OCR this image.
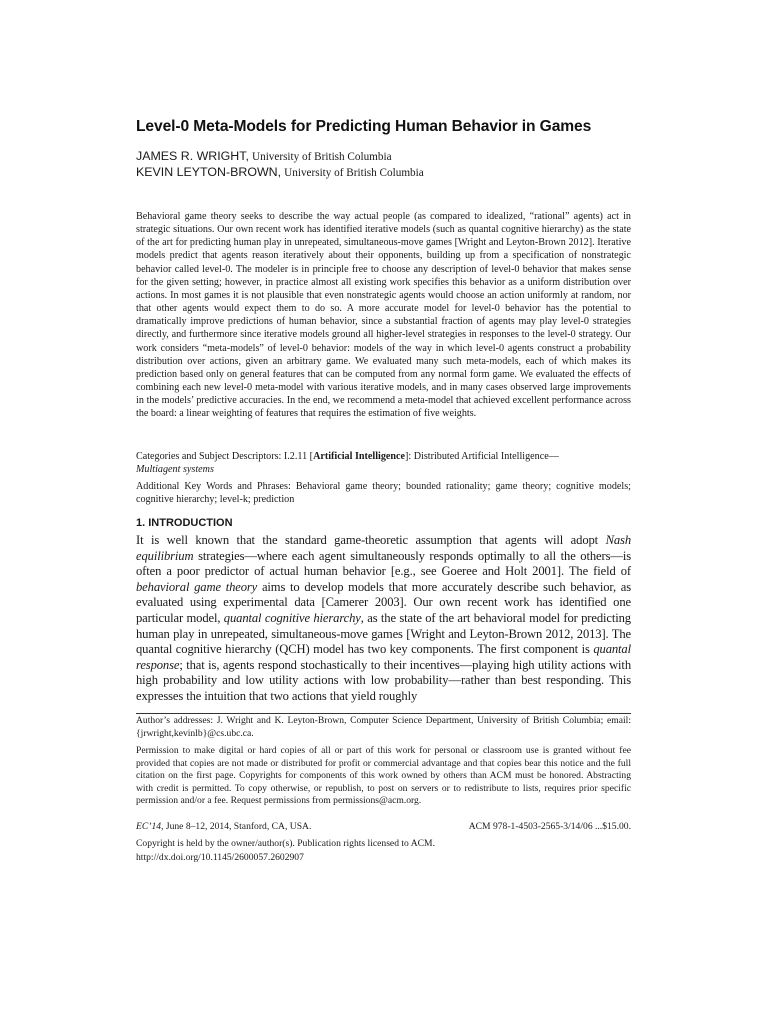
Level-0 Meta-Models for Predicting Human Behavior in Games
JAMES R. WRIGHT, University of British Columbia
KEVIN LEYTON-BROWN, University of British Columbia
Behavioral game theory seeks to describe the way actual people (as compared to idealized, “rational” agents) act in strategic situations. Our own recent work has identified iterative models (such as quantal cognitive hierarchy) as the state of the art for predicting human play in unrepeated, simultaneous-move games [Wright and Leyton-Brown 2012]. Iterative models predict that agents reason iteratively about their opponents, building up from a specification of nonstrategic behavior called level-0. The modeler is in principle free to choose any description of level-0 behavior that makes sense for the given setting; however, in practice almost all existing work specifies this behavior as a uniform distribution over actions. In most games it is not plausible that even nonstrategic agents would choose an action uniformly at random, nor that other agents would expect them to do so. A more accurate model for level-0 behavior has the potential to dramatically improve predictions of human behavior, since a substantial fraction of agents may play level-0 strategies directly, and furthermore since iterative models ground all higher-level strategies in responses to the level-0 strategy. Our work considers “meta-models” of level-0 behavior: models of the way in which level-0 agents construct a probability distribution over actions, given an arbitrary game. We evaluated many such meta-models, each of which makes its prediction based only on general features that can be computed from any normal form game. We evaluated the effects of combining each new level-0 meta-model with various iterative models, and in many cases observed large improvements in the models’ predictive accuracies. In the end, we recommend a meta-model that achieved excellent performance across the board: a linear weighting of features that requires the estimation of five weights.
Categories and Subject Descriptors: I.2.11 [Artificial Intelligence]: Distributed Artificial Intelligence—
Multiagent systems
Additional Key Words and Phrases: Behavioral game theory; bounded rationality; game theory; cognitive models; cognitive hierarchy; level-k; prediction
1. INTRODUCTION
It is well known that the standard game-theoretic assumption that agents will adopt Nash equilibrium strategies—where each agent simultaneously responds optimally to all the others—is often a poor predictor of actual human behavior [e.g., see Goeree and Holt 2001]. The field of behavioral game theory aims to develop models that more accurately describe such behavior, as evaluated using experimental data [Camerer 2003]. Our own recent work has identified one particular model, quantal cognitive hierarchy, as the state of the art behavioral model for predicting human play in unrepeated, simultaneous-move games [Wright and Leyton-Brown 2012, 2013]. The quantal cognitive hierarchy (QCH) model has two key components. The first component is quantal response; that is, agents respond stochastically to their incentives—playing high utility actions with high probability and low utility actions with low probability—rather than best responding. This expresses the intuition that two actions that yield roughly
Author’s addresses: J. Wright and K. Leyton-Brown, Computer Science Department, University of British Columbia; email: {jrwright,kevinlb}@cs.ubc.ca.
Permission to make digital or hard copies of all or part of this work for personal or classroom use is granted without fee provided that copies are not made or distributed for profit or commercial advantage and that copies bear this notice and the full citation on the first page. Copyrights for components of this work owned by others than ACM must be honored. Abstracting with credit is permitted. To copy otherwise, or republish, to post on servers or to redistribute to lists, requires prior specific permission and/or a fee. Request permissions from permissions@acm.org.
EC’14, June 8–12, 2014, Stanford, CA, USA.	ACM 978-1-4503-2565-3/14/06 ...$15.00.
Copyright is held by the owner/author(s). Publication rights licensed to ACM.
http://dx.doi.org/10.1145/2600057.2602907
